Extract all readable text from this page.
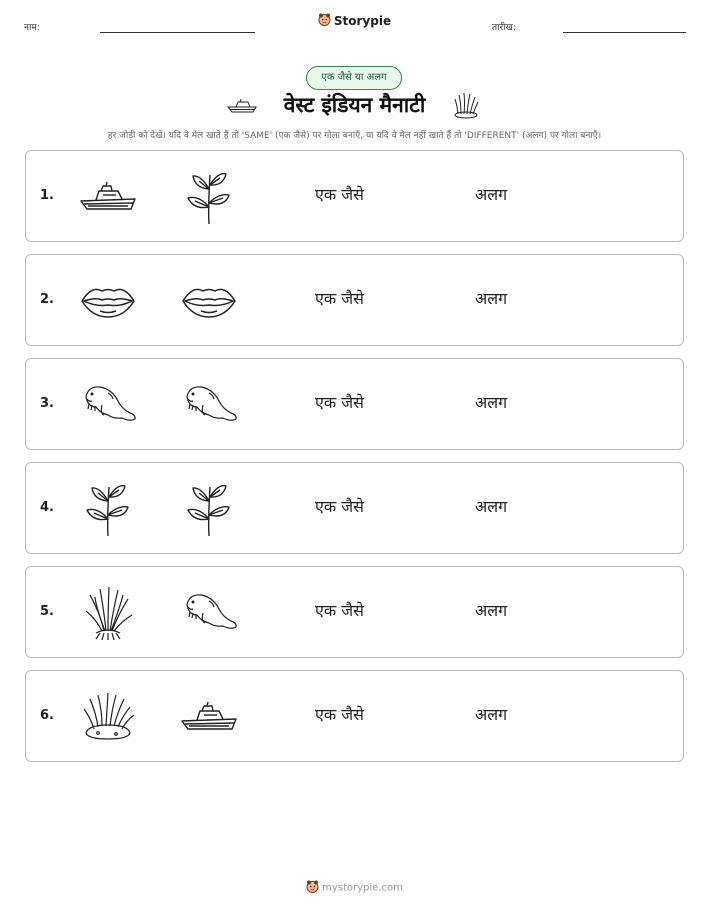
नाम:	Storypie	तारीख:
एक जैसे या अलग
वेस्ट इंडियन मैनाटी
हर जोड़ी को देखें। यदि वे मेल खाते हैं तो 'SAME' (एक जैसे) पर गोला बनाएँ, या यदि वे मेल नहीं खाते हैं तो 'DIFFERENT' (अलग) पर गोला बनाएँ।
1.	एक जैसे	अलग
2.	एक जैसे	अलग
3.	एक जैसे	अलग
4.	एक जैसे	अलग
5.	एक जैसे	अलग
6.	एक जैसे	अलग
mystorypie.com
